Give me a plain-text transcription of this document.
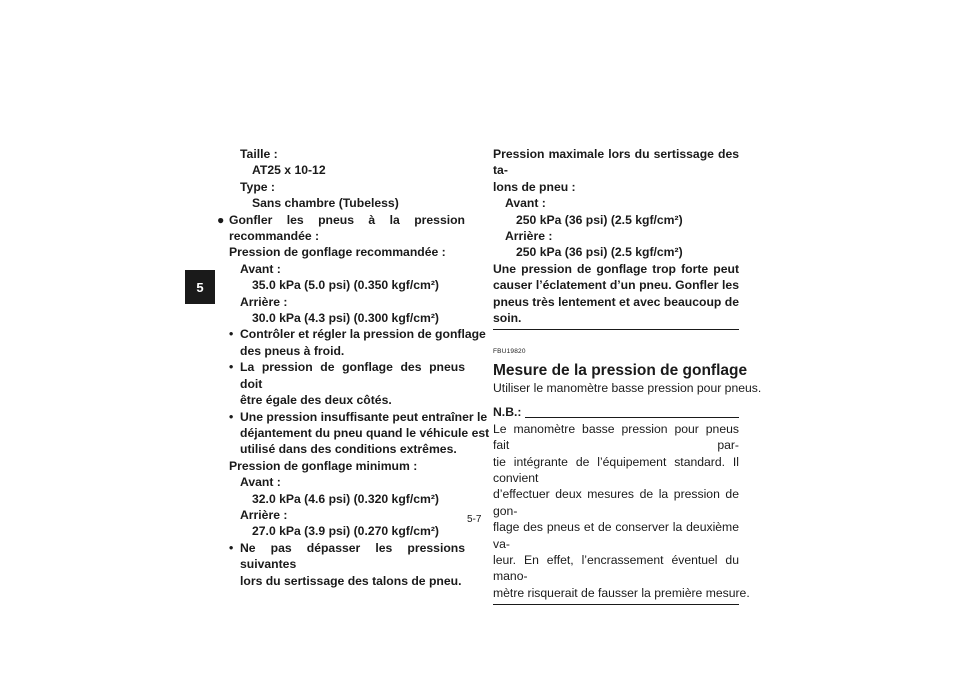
5
Taille :
AT25 x 10-12
Type :
Sans chambre (Tubeless)
● Gonfler les pneus à la pression
recommandée :
Pression de gonflage recommandée :
Avant :
35.0 kPa (5.0 psi) (0.350 kgf/cm²)
Arrière :
30.0 kPa (4.3 psi) (0.300 kgf/cm²)
• Contrôler et régler la pression de gonflage
des pneus à froid.
• La pression de gonflage des pneus doit
être égale des deux côtés.
• Une pression insuffisante peut entraîner le
déjantement du pneu quand le véhicule est
utilisé dans des conditions extrêmes.
Pression de gonflage minimum :
Avant :
32.0 kPa (4.6 psi) (0.320 kgf/cm²)
Arrière :
27.0 kPa (3.9 psi) (0.270 kgf/cm²)
• Ne pas dépasser les pressions suivantes
lors du sertissage des talons de pneu.
Pression maximale lors du sertissage des ta-
lons de pneu :
Avant :
250 kPa (36 psi) (2.5 kgf/cm²)
Arrière :
250 kPa (36 psi) (2.5 kgf/cm²)
Une pression de gonflage trop forte peut
causer l’éclatement d’un pneu. Gonfler les
pneus très lentement et avec beaucoup de
soin.
FBU19820
Mesure de la pression de gonflage
Utiliser le manomètre basse pression pour pneus.
N.B.:
Le manomètre basse pression pour pneus fait par-
tie intégrante de l’équipement standard. Il convient
d’effectuer deux mesures de la pression de gon-
flage des pneus et de conserver la deuxième va-
leur. En effet, l’encrassement éventuel du mano-
mètre risquerait de fausser la première mesure.
5-7
